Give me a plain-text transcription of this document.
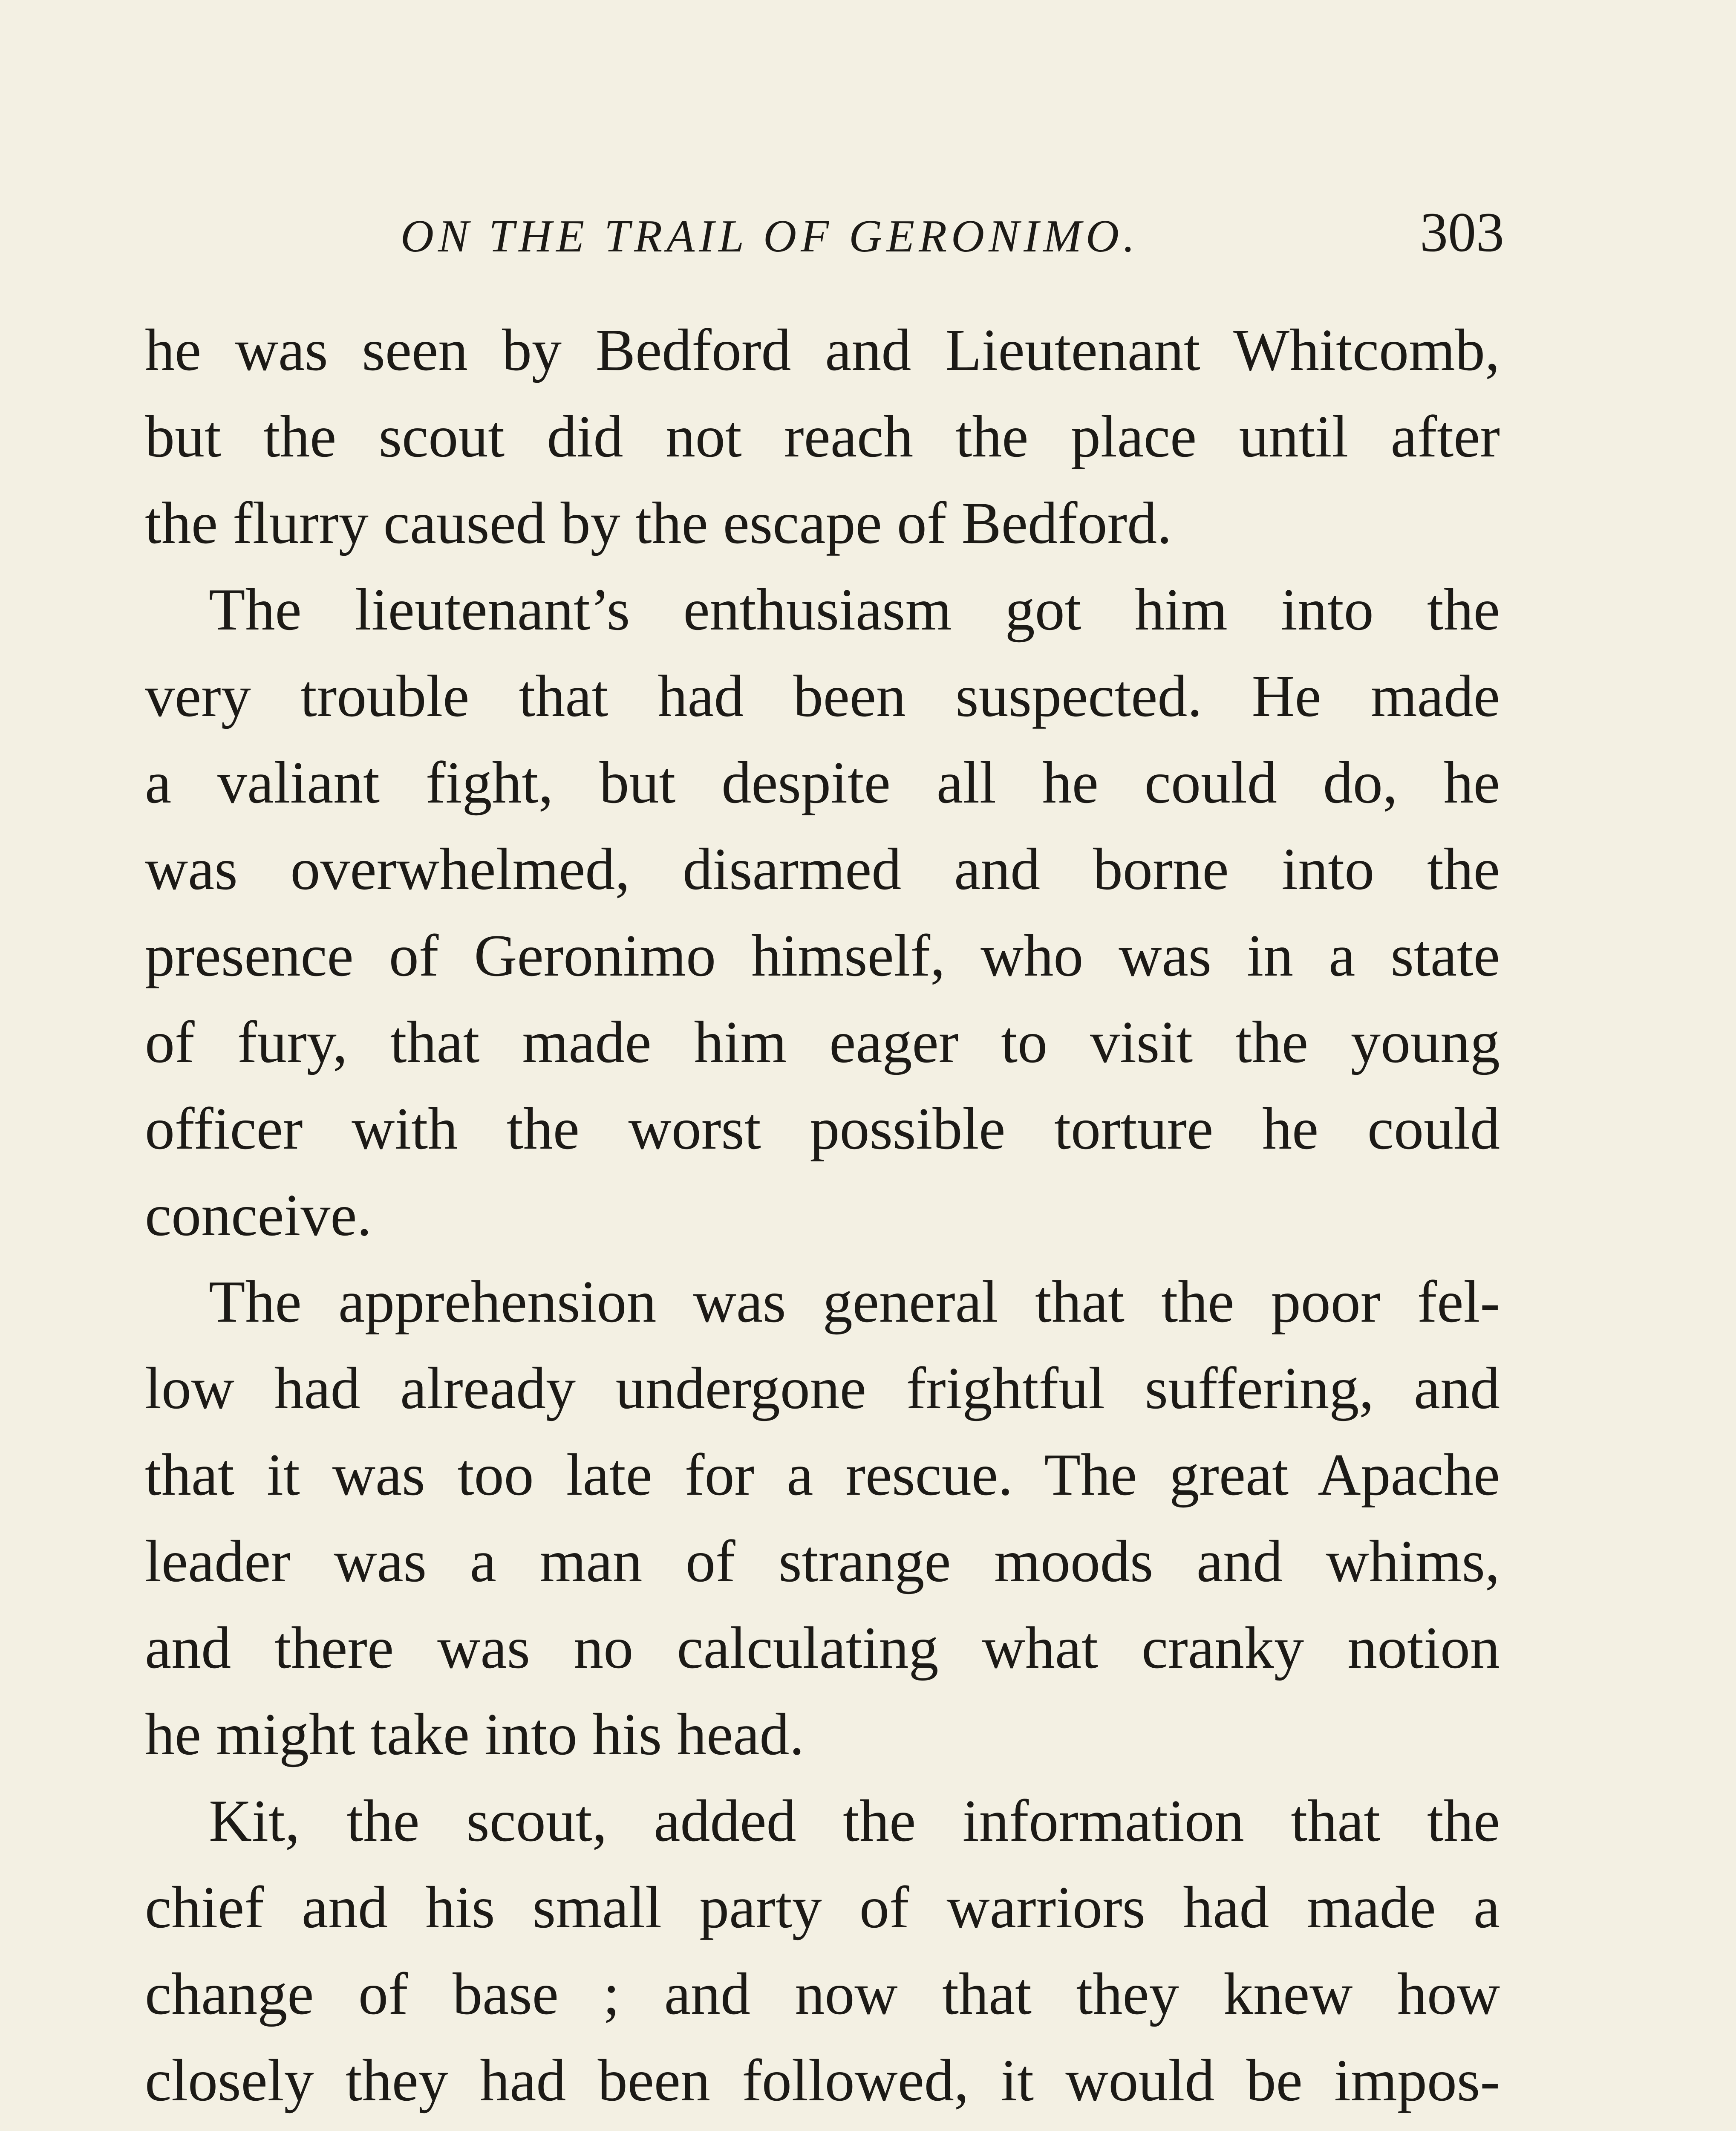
ON THE TRAIL OF GERONIMO.	303
he was seen by Bedford and Lieutenant Whitcomb,
but the scout did not reach the place until after
the flurry caused by the escape of Bedford.
The lieutenant’s enthusiasm got him into the
very trouble that had been suspected. He made
a valiant fight, but despite all he could do, he
was overwhelmed, disarmed and borne into the
presence of Geronimo himself, who was in a state
of fury, that made him eager to visit the young
officer with the worst possible torture he could
conceive.
The apprehension was general that the poor fel-
low had already undergone frightful suffering, and
that it was too late for a rescue. The great Apache
leader was a man of strange moods and whims,
and there was no calculating what cranky notion
he might take into his head.
Kit, the scout, added the information that the
chief and his small party of warriors had made a
change of base ; and now that they knew how
closely they had been followed, it would be impos-
